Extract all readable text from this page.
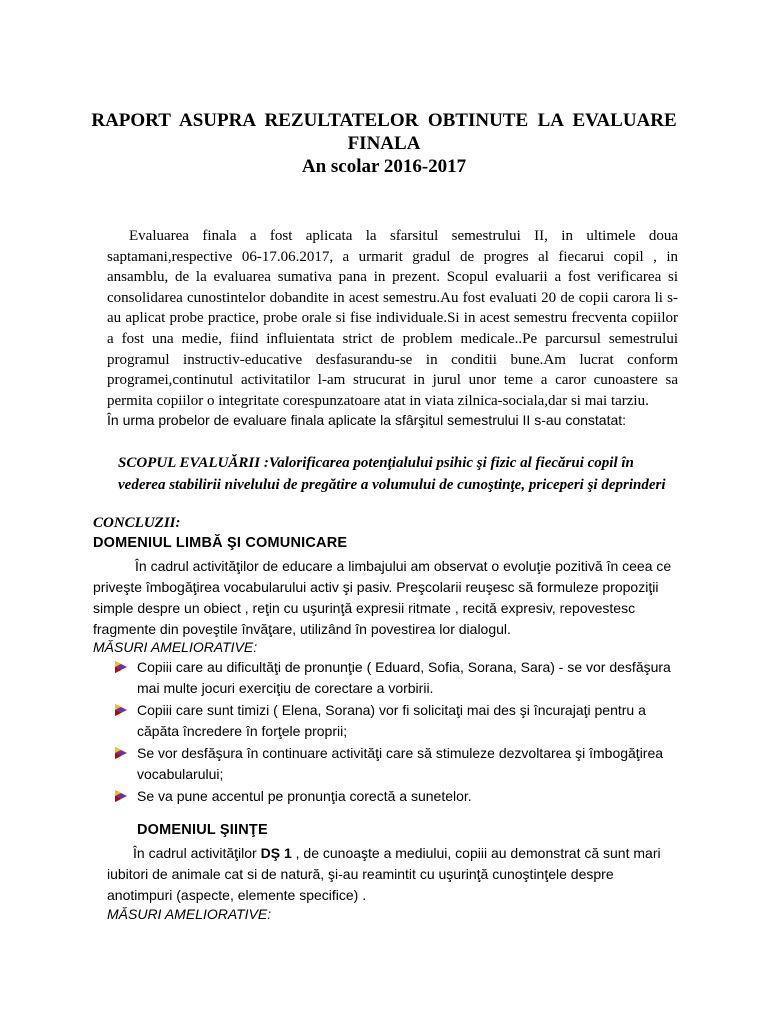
RAPORT  ASUPRA  REZULTATELOR  OBTINUTE  LA  EVALUARE
FINALA
An scolar 2016-2017
Evaluarea finala a fost aplicata la sfarsitul semestrului II, in ultimele doua saptamani,respective 06-17.06.2017, a urmarit gradul de progres al fiecarui copil , in ansamblu, de la evaluarea sumativa pana in prezent. Scopul evaluarii a fost verificarea si consolidarea cunostintelor dobandite in acest semestru.Au fost evaluati 20 de copii carora li s-au aplicat probe practice, probe orale si fise individuale.Si in acest semestru frecventa copiilor a fost una medie, fiind influientata strict de problem medicale..Pe parcursul semestrului programul instructiv-educative desfasurandu-se in conditii bune.Am lucrat conform programei,continutul activitatilor l-am strucurat in jurul unor teme a caror cunoastere sa permita copiilor o integritate corespunzatoare atat in viata zilnica-sociala,dar si mai tarziu.
În urma probelor de evaluare finala aplicate la sfârşitul semestrului II s-au constatat:
SCOPUL EVALUĂRII :Valorificarea potenţialului psihic şi fizic al fiecărui copil în vederea stabilirii nivelului de pregătire a volumului de cunoştinţe, priceperi şi deprinderi
CONCLUZII:
DOMENIUL LIMBĂ ŞI COMUNICARE
În cadrul activităţilor de educare a limbajului am observat o evoluţie pozitivă în ceea ce
priveşte îmbogăţirea vocabularului activ şi pasiv. Preşcolarii reuşesc să formuleze propoziţii
simple despre un obiect , reţin cu uşurinţă expresii ritmate , recită expresiv, repovestesc
fragmente din poveştile învăţare, utilizând în povestirea lor dialogul.
MĂSURI AMELIORATIVE:
Copiii care au dificultăţi de pronunţie ( Eduard, Sofia, Sorana, Sara) - se vor desfăşura
mai multe jocuri exerciţiu de corectare a vorbirii.
Copiii care sunt timizi ( Elena, Sorana) vor fi solicitaţi mai des şi încurajaţi pentru a
căpăta încredere în forţele proprii;
Se vor desfăşura în continuare activităţi care să stimuleze dezvoltarea şi îmbogăţirea
vocabularului;
Se va pune accentul pe pronunţia corectă a sunetelor.
DOMENIUL ŞIINŢE
În cadrul activităţilor DŞ 1 , de cunoaşte a mediului, copiii au demonstrat că sunt mari
iubitori de animale cat si de natură, şi-au reamintit cu uşurinţă cunoştinţele despre
anotimpuri (aspecte, elemente specifice) .
MĂSURI AMELIORATIVE:
